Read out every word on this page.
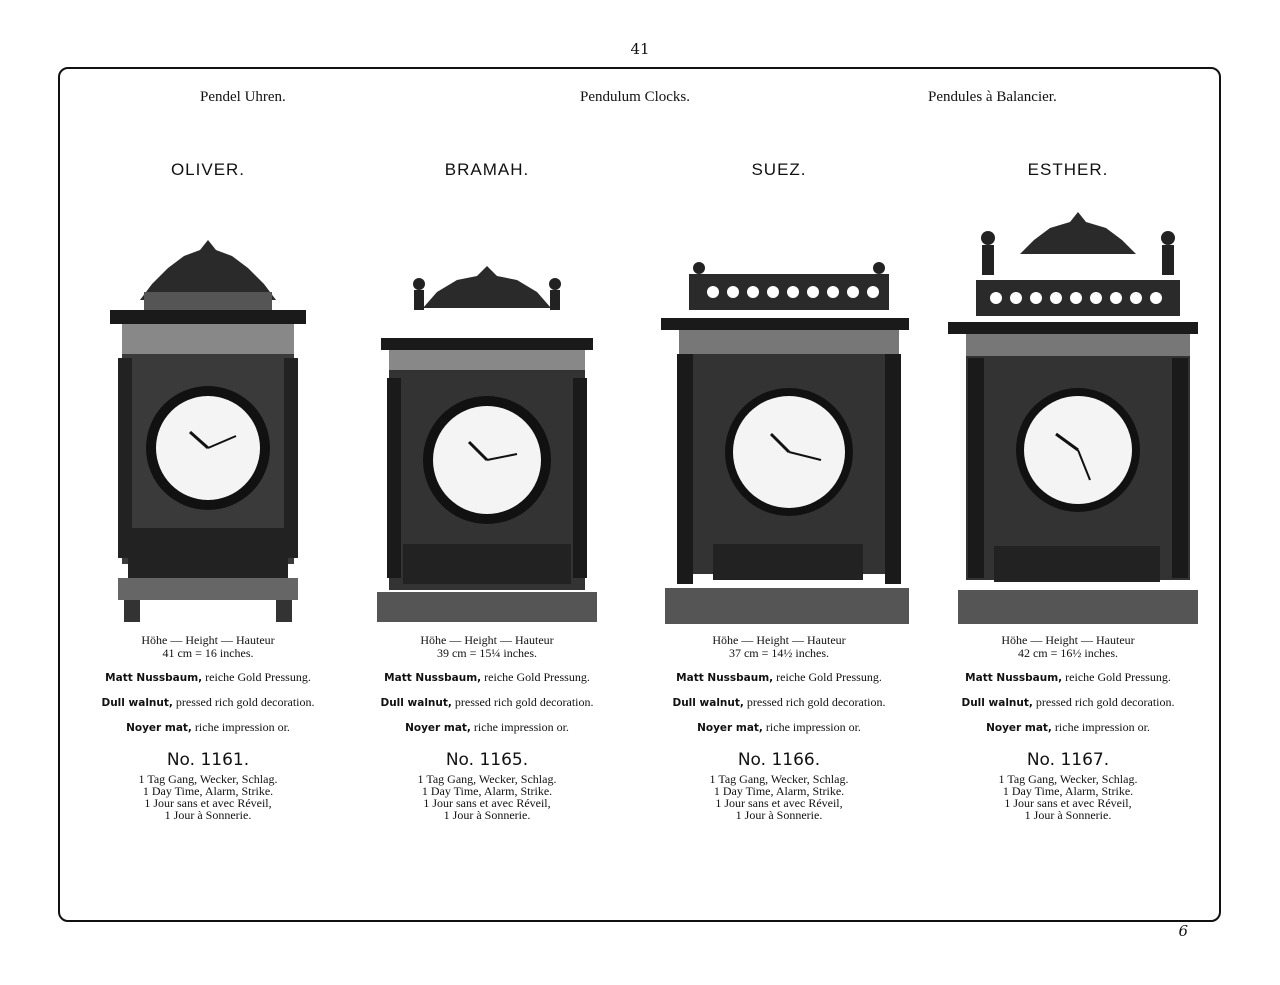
41
Pendel Uhren.	Pendulum Clocks.	Pendules à Balancier.
OLIVER.
Höhe — Height — Hauteur
41 cm = 16 inches.
Matt Nussbaum, reiche Gold Pressung.
Dull walnut, pressed rich gold decoration.
Noyer mat, riche impression or.
No. 1161.
1 Tag Gang, Wecker, Schlag.
1 Day Time, Alarm, Strike.
1 Jour sans et avec Réveil,
1 Jour à Sonnerie.
BRAMAH.
Höhe — Height — Hauteur
39 cm = 15¼ inches.
Matt Nussbaum, reiche Gold Pressung.
Dull walnut, pressed rich gold decoration.
Noyer mat, riche impression or.
No. 1165.
1 Tag Gang, Wecker, Schlag.
1 Day Time, Alarm, Strike.
1 Jour sans et avec Réveil,
1 Jour à Sonnerie.
SUEZ.
Höhe — Height — Hauteur
37 cm = 14½ inches.
Matt Nussbaum, reiche Gold Pressung.
Dull walnut, pressed rich gold decoration.
Noyer mat, riche impression or.
No. 1166.
1 Tag Gang, Wecker, Schlag.
1 Day Time, Alarm, Strike.
1 Jour sans et avec Réveil,
1 Jour à Sonnerie.
ESTHER.
Höhe — Height — Hauteur
42 cm = 16½ inches.
Matt Nussbaum, reiche Gold Pressung.
Dull walnut, pressed rich gold decoration.
Noyer mat, riche impression or.
No. 1167.
1 Tag Gang, Wecker, Schlag.
1 Day Time, Alarm, Strike.
1 Jour sans et avec Réveil,
1 Jour à Sonnerie.
6
